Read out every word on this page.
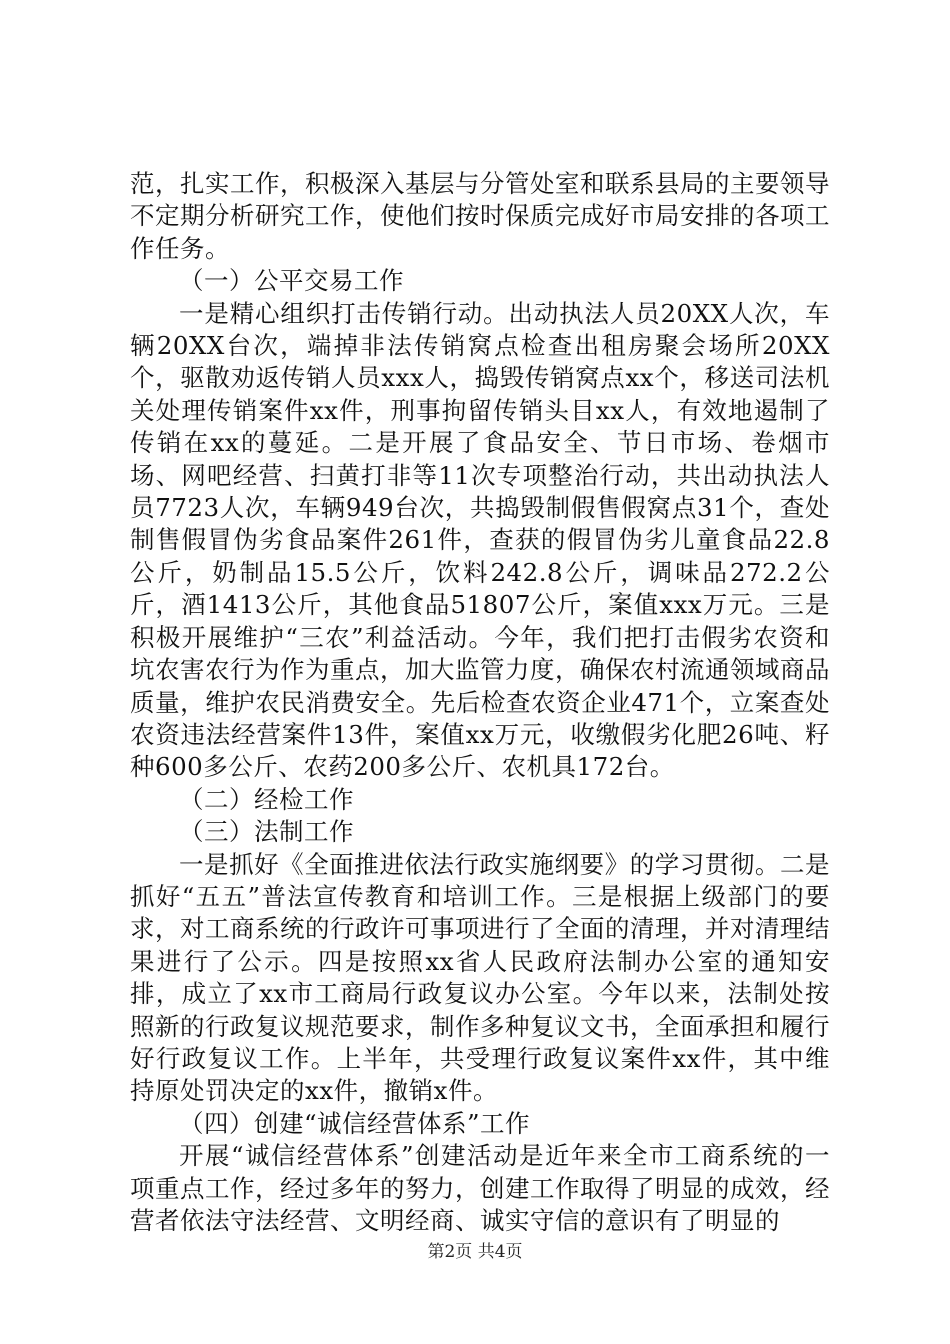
范，扎实工作，积极深入基层与分管处室和联系县局的主要领导不定期分析研究工作，使他们按时保质完成好市局安排的各项工作任务。

（一）公平交易工作

一是精心组织打击传销行动。出动执法人员20XX人次，车辆20XX台次，端掉非法传销窝点检查出租房聚会场所20XX个，驱散劝返传销人员xxx人，捣毁传销窝点xx个，移送司法机关处理传销案件xx件，刑事拘留传销头目xx人，有效地遏制了传销在xx的蔓延。二是开展了食品安全、节日市场、卷烟市场、网吧经营、扫黄打非等11次专项整治行动，共出动执法人员7723人次，车辆949台次，共捣毁制假售假窝点31个，查处制售假冒伪劣食品案件261件，查获的假冒伪劣儿童食品22.8公斤，奶制品15.5公斤，饮料242.8公斤，调味品272.2公斤，酒1413公斤，其他食品51807公斤，案值xxx万元。三是积极开展维护“三农”利益活动。今年，我们把打击假劣农资和坑农害农行为作为重点，加大监管力度，确保农村流通领域商品质量，维护农民消费安全。先后检查农资企业471个，立案查处农资违法经营案件13件，案值xx万元，收缴假劣化肥26吨、籽种600多公斤、农药200多公斤、农机具172台。

（二）经检工作

（三）法制工作

一是抓好《全面推进依法行政实施纲要》的学习贯彻。二是抓好“五五”普法宣传教育和培训工作。三是根据上级部门的要求，对工商系统的行政许可事项进行了全面的清理，并对清理结果进行了公示。四是按照xx省人民政府法制办公室的通知安排，成立了xx市工商局行政复议办公室。今年以来，法制处按照新的行政复议规范要求，制作多种复议文书，全面承担和履行好行政复议工作。上半年，共受理行政复议案件xx件，其中维持原处罚决定的xx件，撤销x件。

（四）创建“诚信经营体系”工作

开展“诚信经营体系”创建活动是近年来全市工商系统的一项重点工作，经过多年的努力，创建工作取得了明显的成效，经营者依法守法经营、文明经商、诚实守信的意识有了明显的

第2页 共4页
